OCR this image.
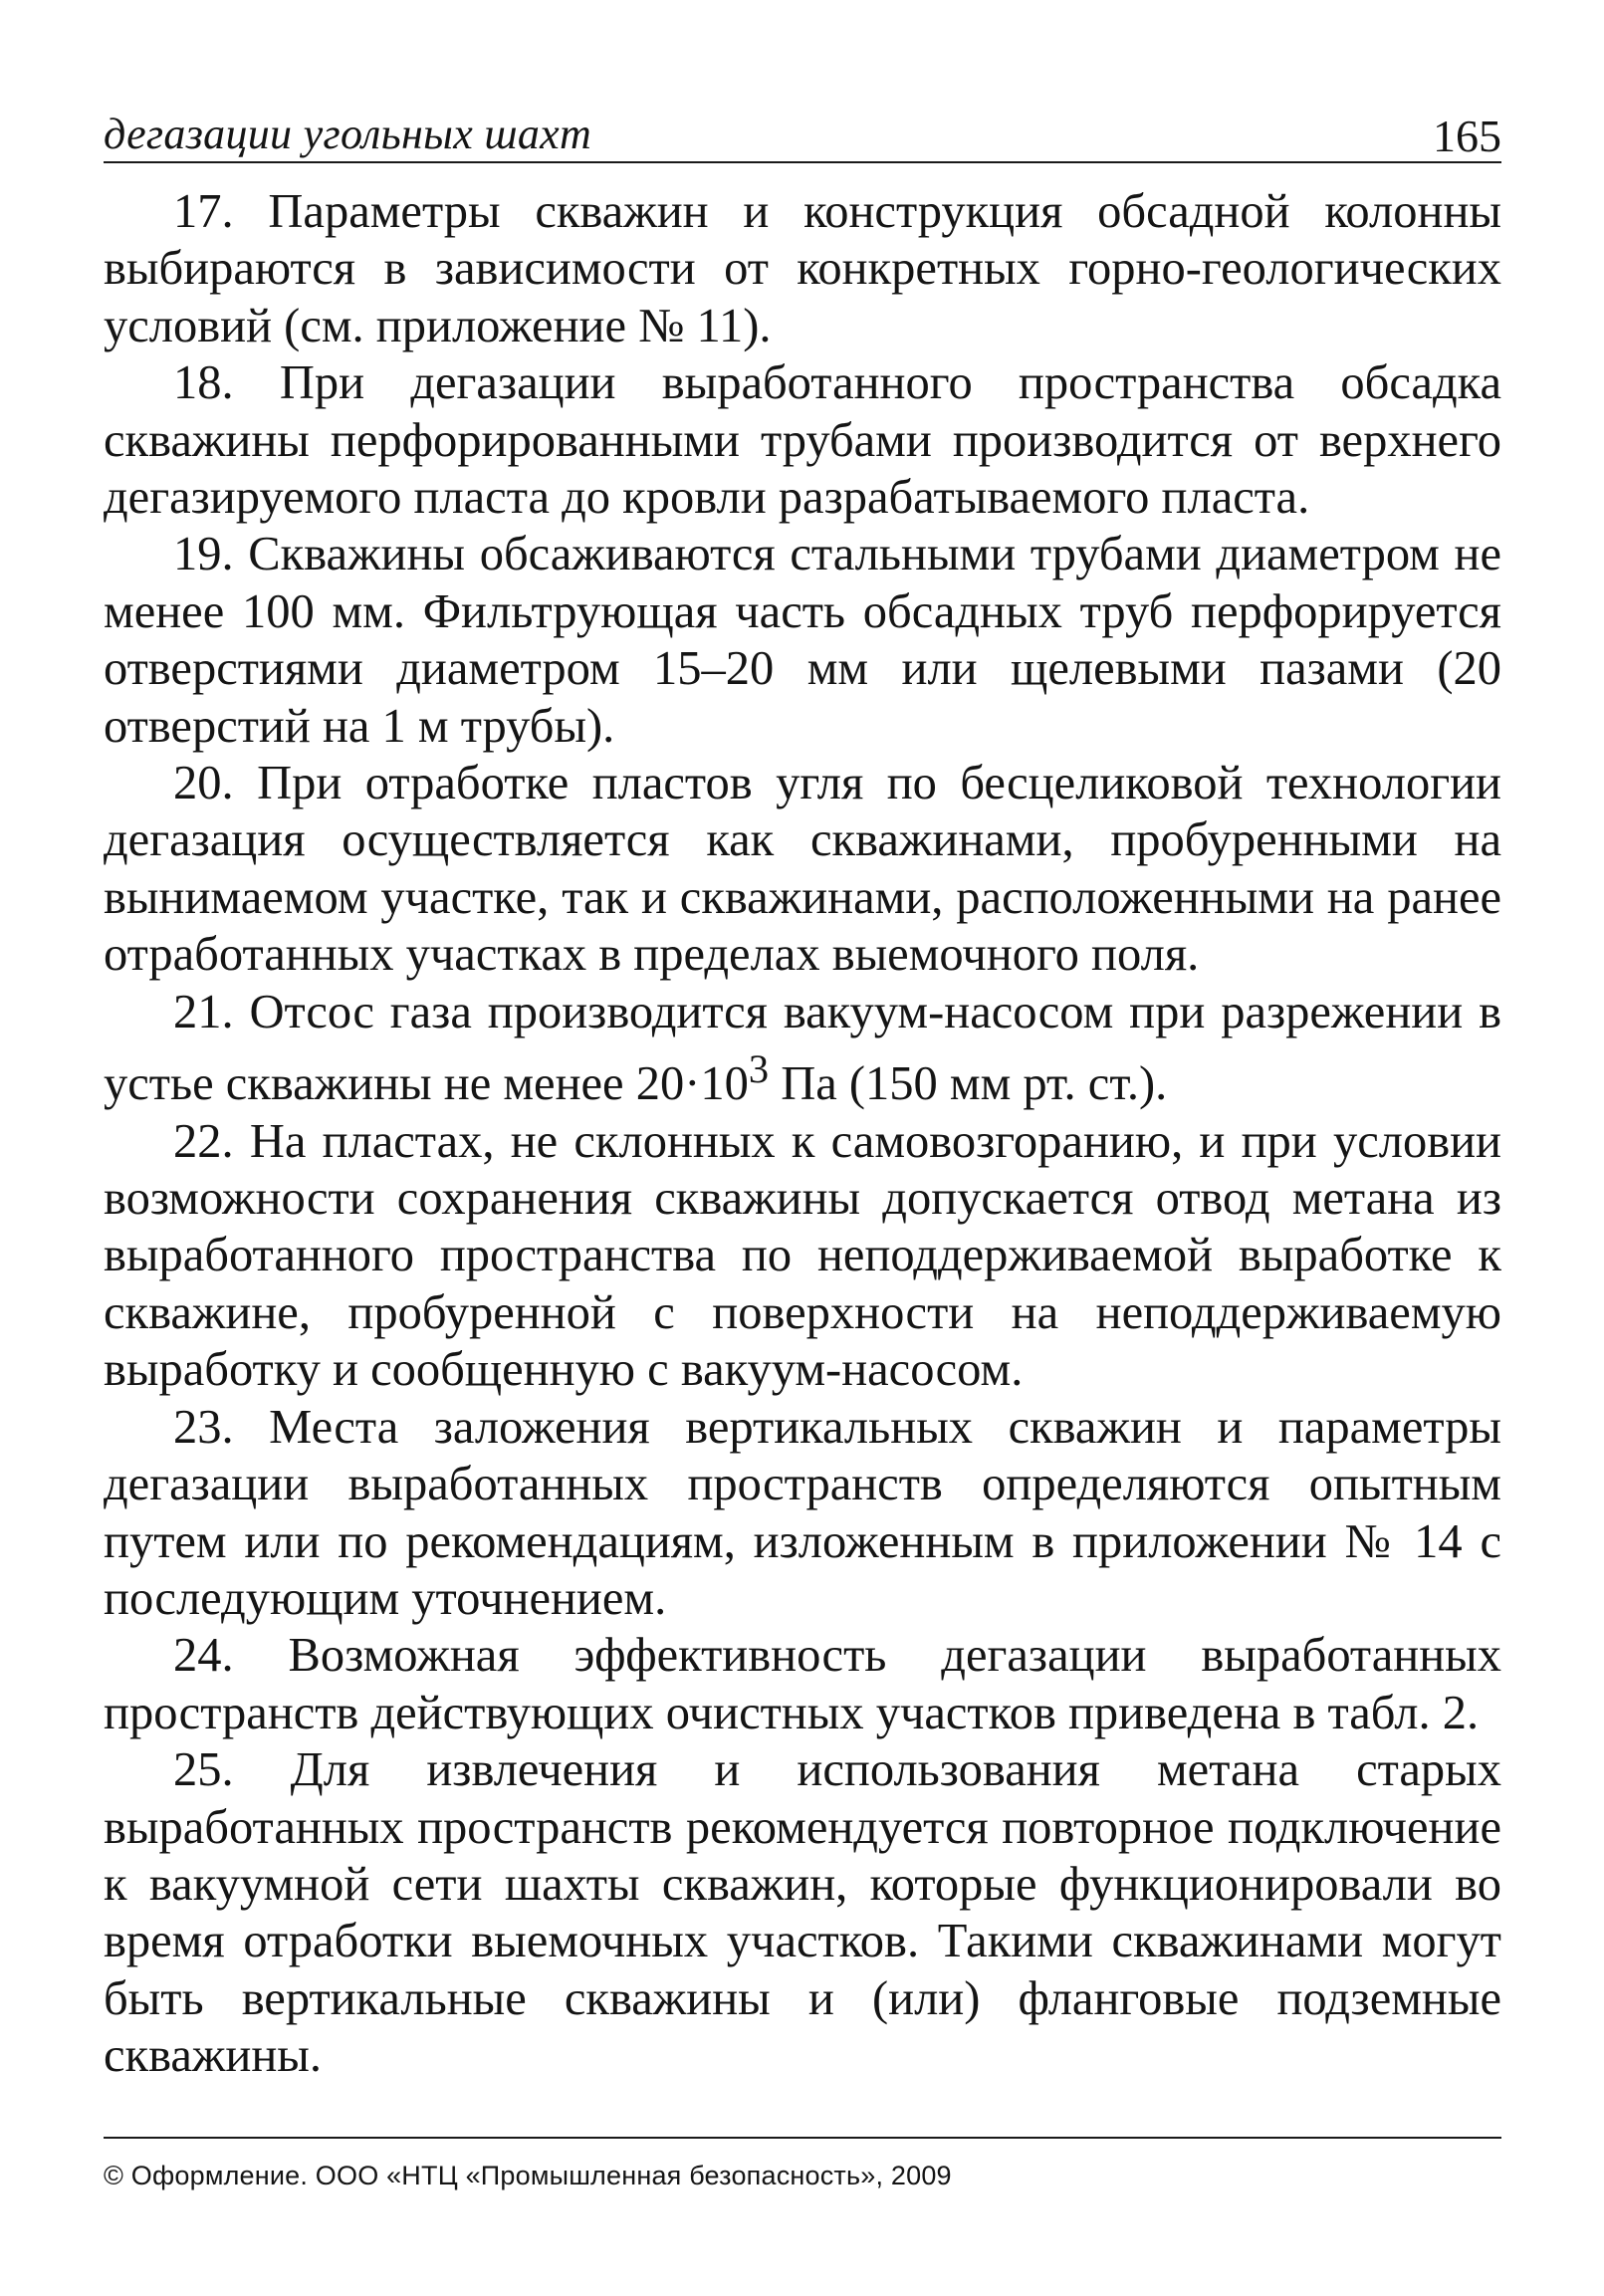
дегазации угольных шахт	165

17. Параметры скважин и конструкция обсадной колонны выбираются в зависимости от конкретных горно-геологических условий (см. приложение № 11).

18. При дегазации выработанного пространства обсадка скважины перфорированными трубами производится от верхнего дегазируемого пласта до кровли разрабатываемого пласта.

19. Скважины обсаживаются стальными трубами диаметром не менее 100 мм. Фильтрующая часть обсадных труб перфорируется отверстиями диаметром 15–20 мм или щелевыми пазами (20 отверстий на 1 м трубы).

20. При отработке пластов угля по бесцеликовой технологии дегазация осуществляется как скважинами, пробуренными на вынимаемом участке, так и скважинами, расположенными на ранее отработанных участках в пределах выемочного поля.

21. Отсос газа производится вакуум-насосом при разрежении в устье скважины не менее $20\cdot 10^3$ Па (150 мм рт. ст.).

22. На пластах, не склонных к самовозгоранию, и при условии возможности сохранения скважины допускается отвод метана из выработанного пространства по неподдерживаемой выработке к скважине, пробуренной с поверхности на неподдерживаемую выработку и сообщенную с вакуум-насосом.

23. Места заложения вертикальных скважин и параметры дегазации выработанных пространств определяются опытным путем или по рекомендациям, изложенным в приложении № 14 с последующим уточнением.

24. Возможная эффективность дегазации выработанных пространств действующих очистных участков приведена в табл. 2.

25. Для извлечения и использования метана старых выработанных пространств рекомендуется повторное подключение к вакуумной сети шахты скважин, которые функционировали во время отработки выемочных участков. Такими скважинами могут быть вертикальные скважины и (или) фланговые подземные скважины.

© Оформление. ООО «НТЦ «Промышленная безопасность», 2009
